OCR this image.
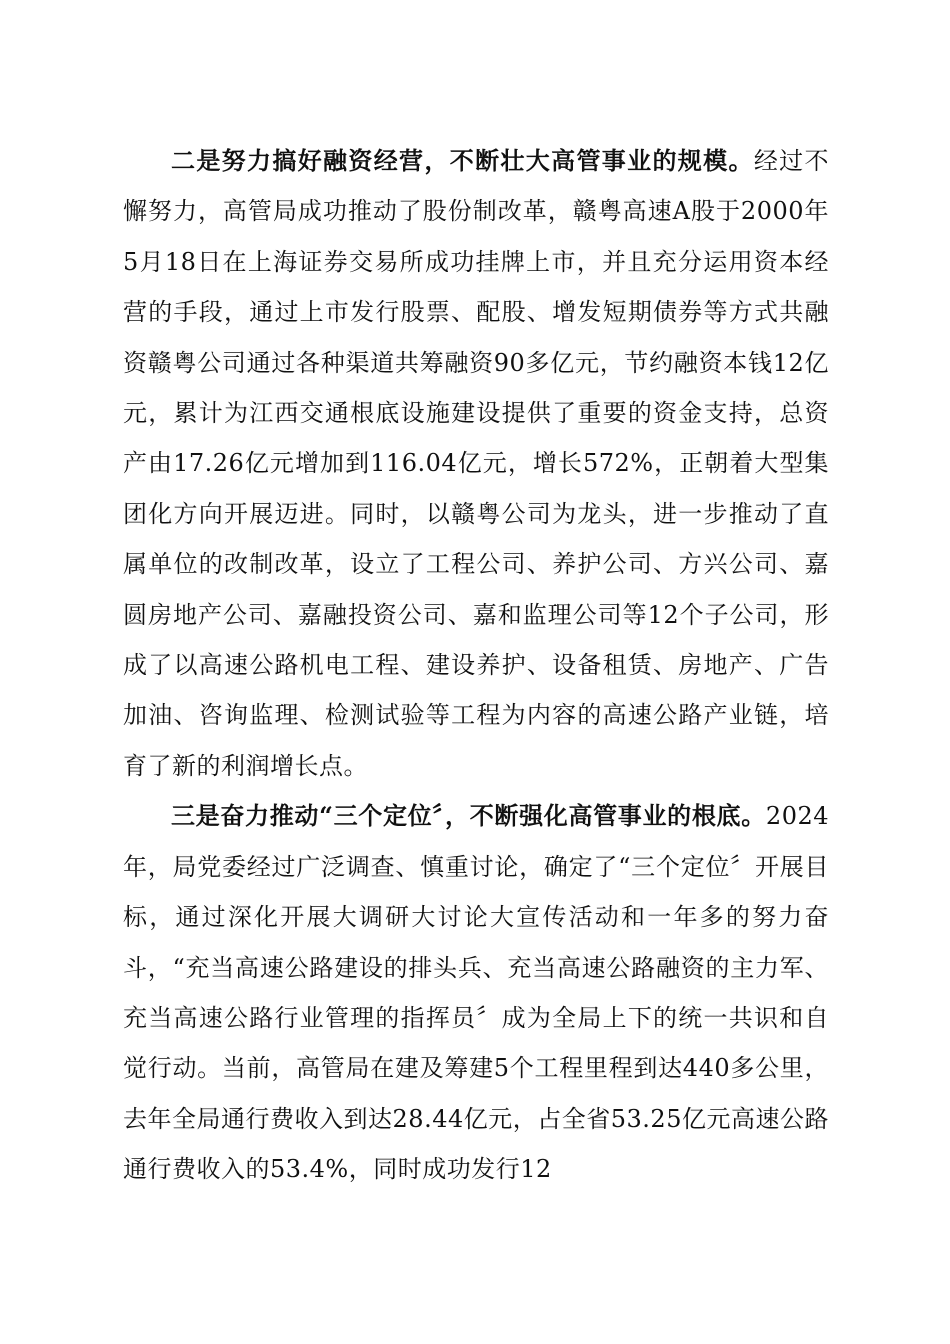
二是努力搞好融资经营，不断壮大高管事业的规模。经过不懈努力，高管局成功推动了股份制改革，赣粤高速A股于2000年5月18日在上海证券交易所成功挂牌上市，并且充分运用资本经营的手段，通过上市发行股票、配股、增发短期债券等方式共融资赣粤公司通过各种渠道共筹融资90多亿元，节约融资本钱12亿元，累计为江西交通根底设施建设提供了重要的资金支持，总资产由17.26亿元增加到116.04亿元，增长572%，正朝着大型集团化方向开展迈进。同时，以赣粤公司为龙头，进一步推动了直属单位的改制改革，设立了工程公司、养护公司、方兴公司、嘉圆房地产公司、嘉融投资公司、嘉和监理公司等12个子公司，形成了以高速公路机电工程、建设养护、设备租赁、房地产、广告加油、咨询监理、检测试验等工程为内容的高速公路产业链，培育了新的利润增长点。

三是奋力推动“三个定位〞，不断强化高管事业的根底。2024年，局党委经过广泛调查、慎重讨论，确定了“三个定位〞开展目标，通过深化开展大调研大讨论大宣传活动和一年多的努力奋斗，“充当高速公路建设的排头兵、充当高速公路融资的主力军、充当高速公路行业管理的指挥员〞成为全局上下的统一共识和自觉行动。当前，高管局在建及筹建5个工程里程到达440多公里，去年全局通行费收入到达28.44亿元，占全省53.25亿元高速公路通行费收入的53.4%，同时成功发行12
